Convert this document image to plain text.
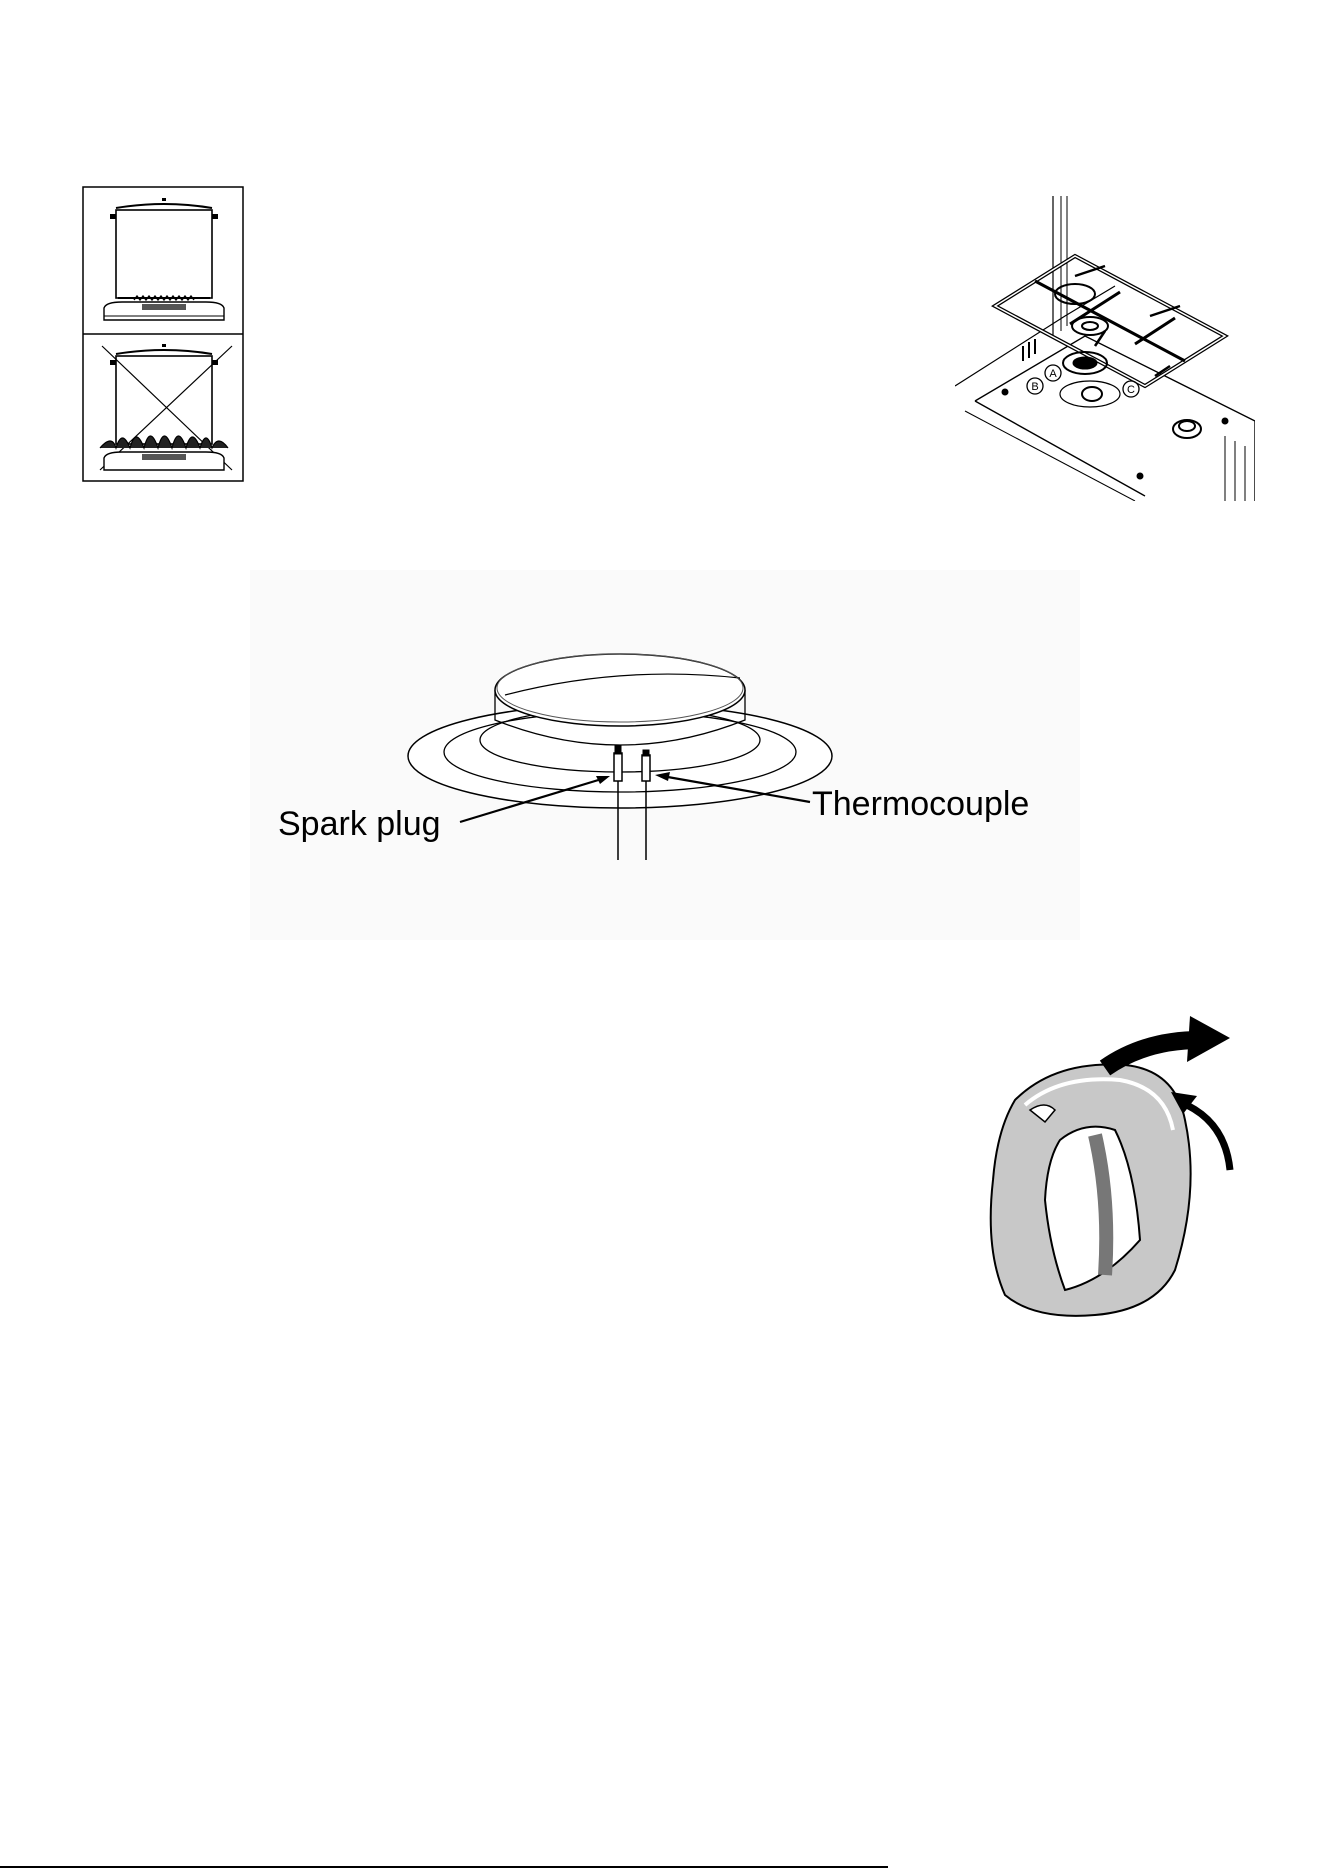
B
A
C
Spark plug
Thermocouple
